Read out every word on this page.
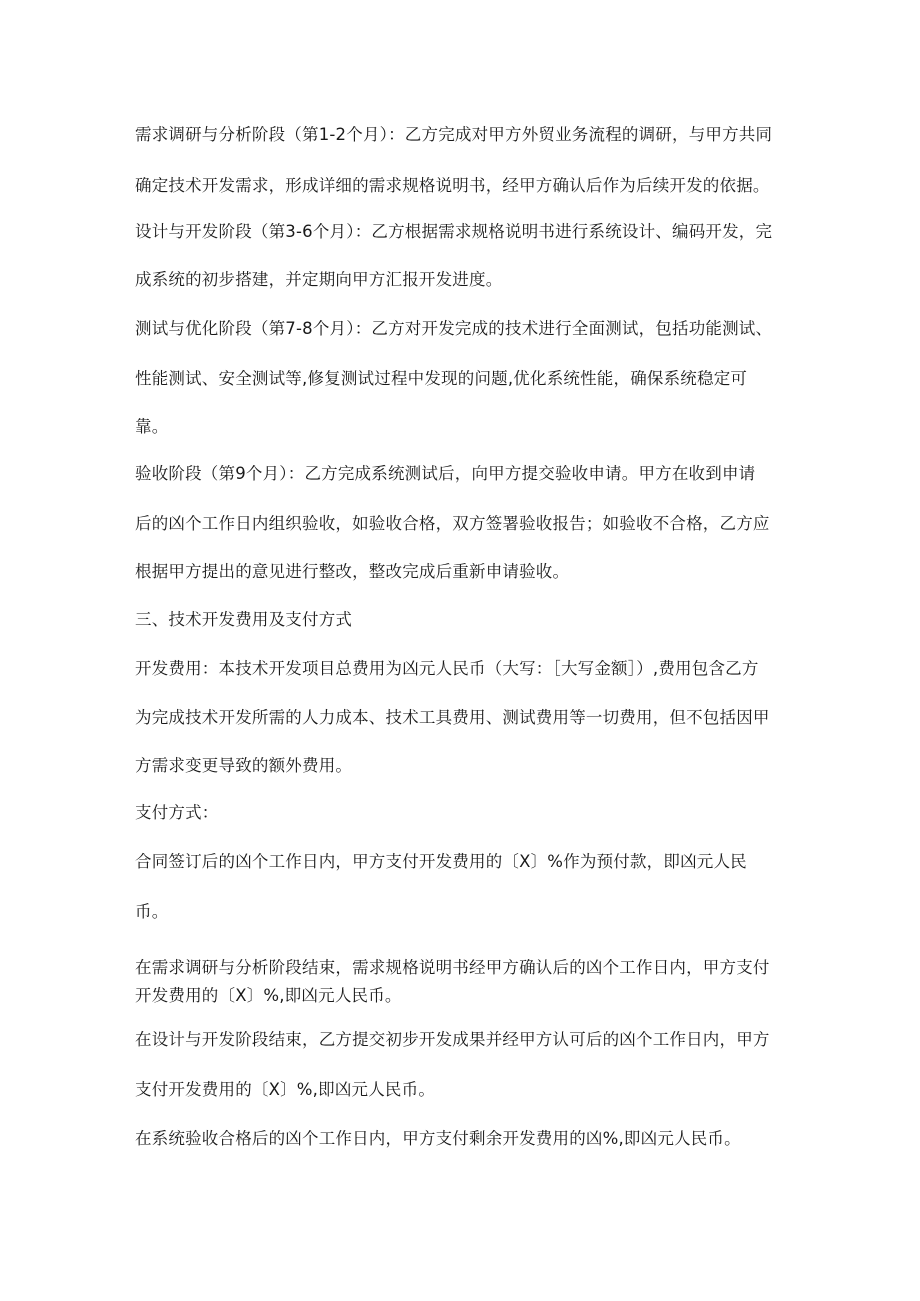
需求调研与分析阶段（第1-2个月）：乙方完成对甲方外贸业务流程的调研，与甲方共同
确定技术开发需求，形成详细的需求规格说明书，经甲方确认后作为后续开发的依据。
设计与开发阶段（第3-6个月）：乙方根据需求规格说明书进行系统设计、编码开发，完
成系统的初步搭建，并定期向甲方汇报开发进度。
测试与优化阶段（第7-8个月）：乙方对开发完成的技术进行全面测试，包括功能测试、
性能测试、安全测试等,修复测试过程中发现的问题,优化系统性能，确保系统稳定可
靠。
验收阶段（第9个月）：乙方完成系统测试后，向甲方提交验收申请。甲方在收到申请
后的凶个工作日内组织验收，如验收合格，双方签署验收报告；如验收不合格，乙方应
根据甲方提出的意见进行整改，整改完成后重新申请验收。
三、技术开发费用及支付方式
开发费用：本技术开发项目总费用为凶元人民币（大写：［大写金额］）,费用包含乙方
为完成技术开发所需的人力成本、技术工具费用、测试费用等一切费用，但不包括因甲
方需求变更导致的额外费用。
支付方式：
合同签订后的凶个工作日内，甲方支付开发费用的〔X〕%作为预付款，即凶元人民
币。
在需求调研与分析阶段结束，需求规格说明书经甲方确认后的凶个工作日内，甲方支付
开发费用的〔X〕%,即凶元人民币。
在设计与开发阶段结束，乙方提交初步开发成果并经甲方认可后的凶个工作日内，甲方
支付开发费用的〔X〕%,即凶元人民币。
在系统验收合格后的凶个工作日内，甲方支付剩余开发费用的凶%,即凶元人民币。
